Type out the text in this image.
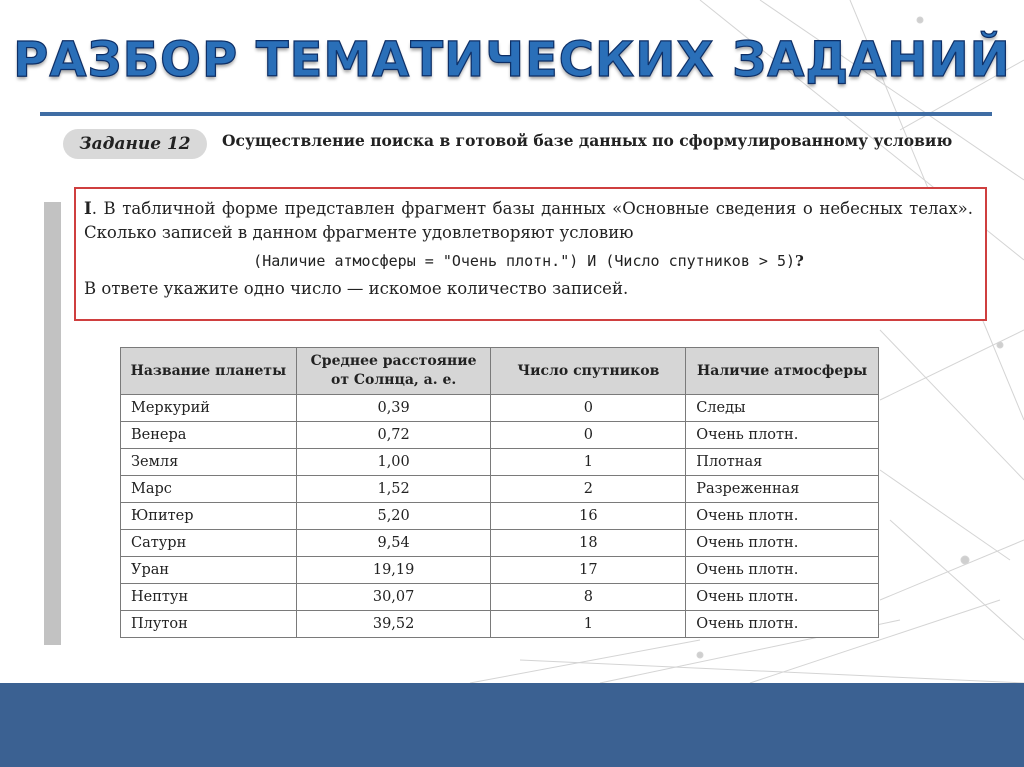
РАЗБОР ТЕМАТИЧЕСКИХ ЗАДАНИЙ
Задание 12	Осуществление поиска в готовой базе данных по сформулированному условию
I. В табличной форме представлен фрагмент базы данных «Основные сведения о небесных телах». Сколько записей в данном фрагменте удовлетворяют условию
(Наличие атмосферы = "Очень плотн.") И (Число спутников > 5)?
В ответе укажите одно число — искомое количество записей.
Название планеты	Среднее расстояние от Солнца, а. е.	Число спутников	Наличие атмосферы
Меркурий	0,39	0	Следы
Венера	0,72	0	Очень плотн.
Земля	1,00	1	Плотная
Марс	1,52	2	Разреженная
Юпитер	5,20	16	Очень плотн.
Сатурн	9,54	18	Очень плотн.
Уран	19,19	17	Очень плотн.
Нептун	30,07	8	Очень плотн.
Плутон	39,52	1	Очень плотн.
